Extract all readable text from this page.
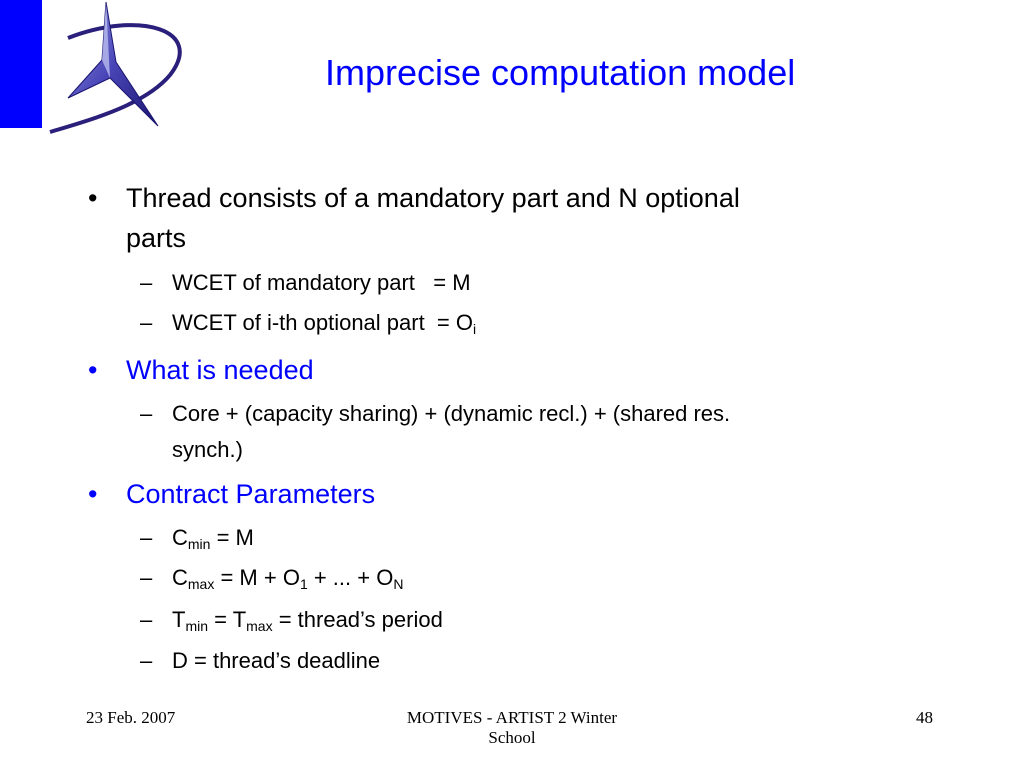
Imprecise computation model
• Thread consists of a mandatory part and N optional
parts
– WCET of mandatory part   = M
– WCET of i-th optional part  = $O_i$
• What is needed
– Core + (capacity sharing) + (dynamic recl.) + (shared res.
synch.)
• Contract Parameters
– $C_{min} = M$
– $C_{max} = M + O_1$ + ... + $O_N$
– $T_{min} = T_{max}$ = thread’s period
– D = thread’s deadline
23 Feb. 2007	MOTIVES - ARTIST 2 Winter
School
48
